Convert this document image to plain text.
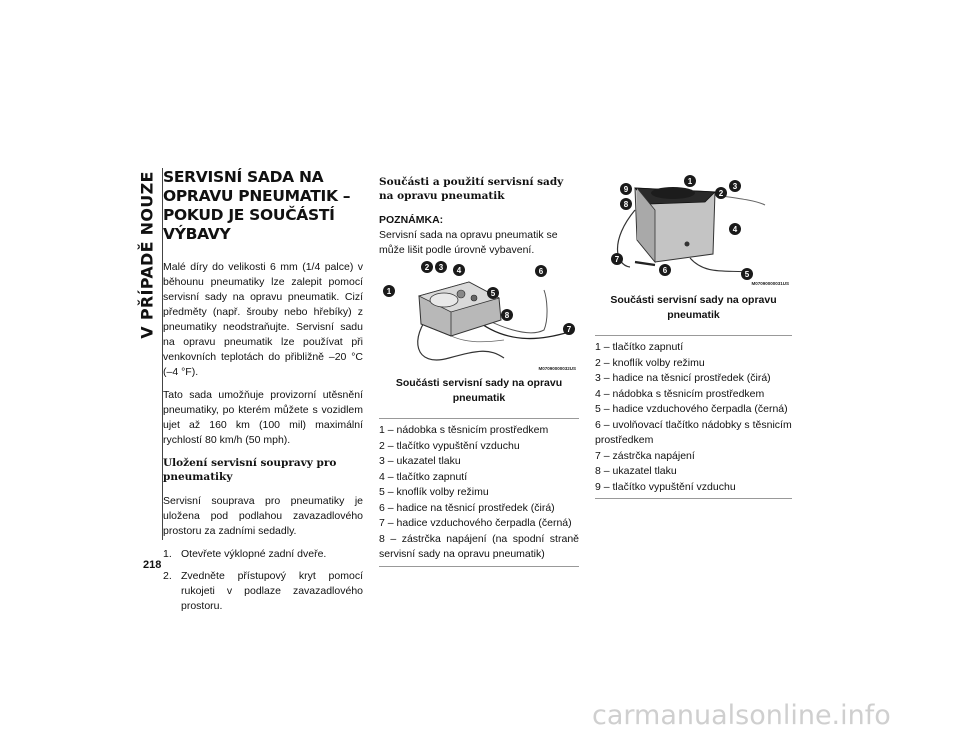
V PŘÍPADĚ NOUZE
218
SERVISNÍ SADA NA OPRAVU PNEUMATIK – POKUD JE SOUČÁSTÍ VÝBAVY

Malé díry do velikosti 6 mm (1/4 palce) v běhounu pneumatiky lze zalepit pomocí servisní sady na opravu pneumatik. Cizí předměty (např. šrouby nebo hřebíky) z pneumatiky neodstraňujte. Servisní sadu na opravu pneumatik lze používat při venkovních teplotách do přibližně –20 °C (–4 °F).

Tato sada umožňuje provizorní utěsnění pneumatiky, po kterém můžete s vozidlem ujet až 160 km (100 mil) maximální rychlostí 80 km/h (50 mph).

Uložení servisní soupravy pro pneumatiky

Servisní souprava pro pneumatiky je uložena pod podlahou zavazadlového prostoru za zadními sedadly.

1. Otevřete výklopné zadní dveře.
2. Zvedněte přístupový kryt pomocí rukojeti v podlaze zavazadlového prostoru.
Součásti a použití servisní sady na opravu pneumatik

POZNÁMKA:

Servisní sada na opravu pneumatik se může lišit podle úrovně vybavení.

1
2 3 4
5
6
7
8
M07090000032US

Součásti servisní sady na opravu pneumatik

1 – nádobka s těsnicím prostředkem
2 – tlačítko vypuštění vzduchu
3 – ukazatel tlaku
4 – tlačítko zapnutí
5 – knoflík volby režimu
6 – hadice na těsnicí prostředek (čirá)
7 – hadice vzduchového čerpadla (černá)
8 – zástrčka napájení (na spodní straně servisní sady na opravu pneumatik)
1
2
3
4
5
6
7
8
9
M07090000031US

Součásti servisní sady na opravu pneumatik

1 – tlačítko zapnutí
2 – knoflík volby režimu
3 – hadice na těsnicí prostředek (čirá)
4 – nádobka s těsnicím prostředkem
5 – hadice vzduchového čerpadla (černá)
6 – uvolňovací tlačítko nádobky s těsnicím prostředkem
7 – zástrčka napájení
8 – ukazatel tlaku
9 – tlačítko vypuštění vzduchu
carmanualsonline.info
